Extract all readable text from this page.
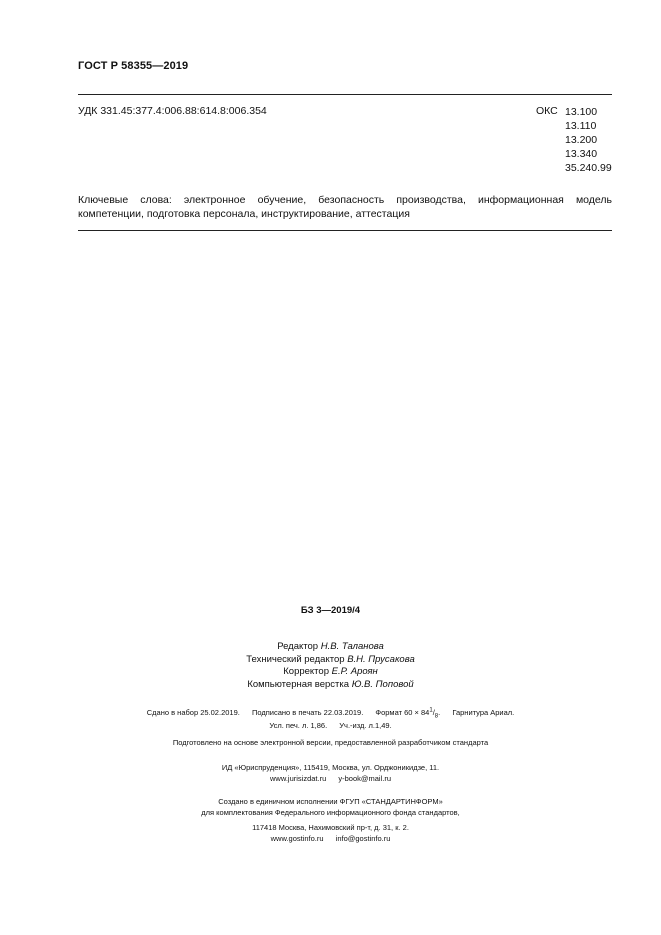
ГОСТ Р 58355—2019
УДК 331.45:377.4:006.88:614.8:006.354	ОКС 13.100
13.110
13.200
13.340
35.240.99
Ключевые слова: электронное обучение, безопасность производства, информационная модель компетенции, подготовка персонала, инструктирование, аттестация
БЗ 3—2019/4
Редактор Н.В. Таланова
Технический редактор В.Н. Прусакова
Корректор Е.Р. Ароян
Компьютерная верстка Ю.В. Поповой
Сдано в набор 25.02.2019. Подписано в печать 22.03.2019. Формат $60 \times 84^1/_8$. Гарнитура Ариал.
Усл. печ. л. 1,86. Уч.-изд. л.1,49.
Подготовлено на основе электронной версии, предоставленной разработчиком стандарта
ИД «Юриспруденция», 115419, Москва, ул. Орджоникидзе, 11.
www.jurisizdat.ru y-book@mail.ru
Создано в единичном исполнении ФГУП «СТАНДАРТИНФОРМ»
для комплектования Федерального информационного фонда стандартов,
117418 Москва, Нахимовский пр-т, д. 31, к. 2.
www.gostinfo.ru info@gostinfo.ru
